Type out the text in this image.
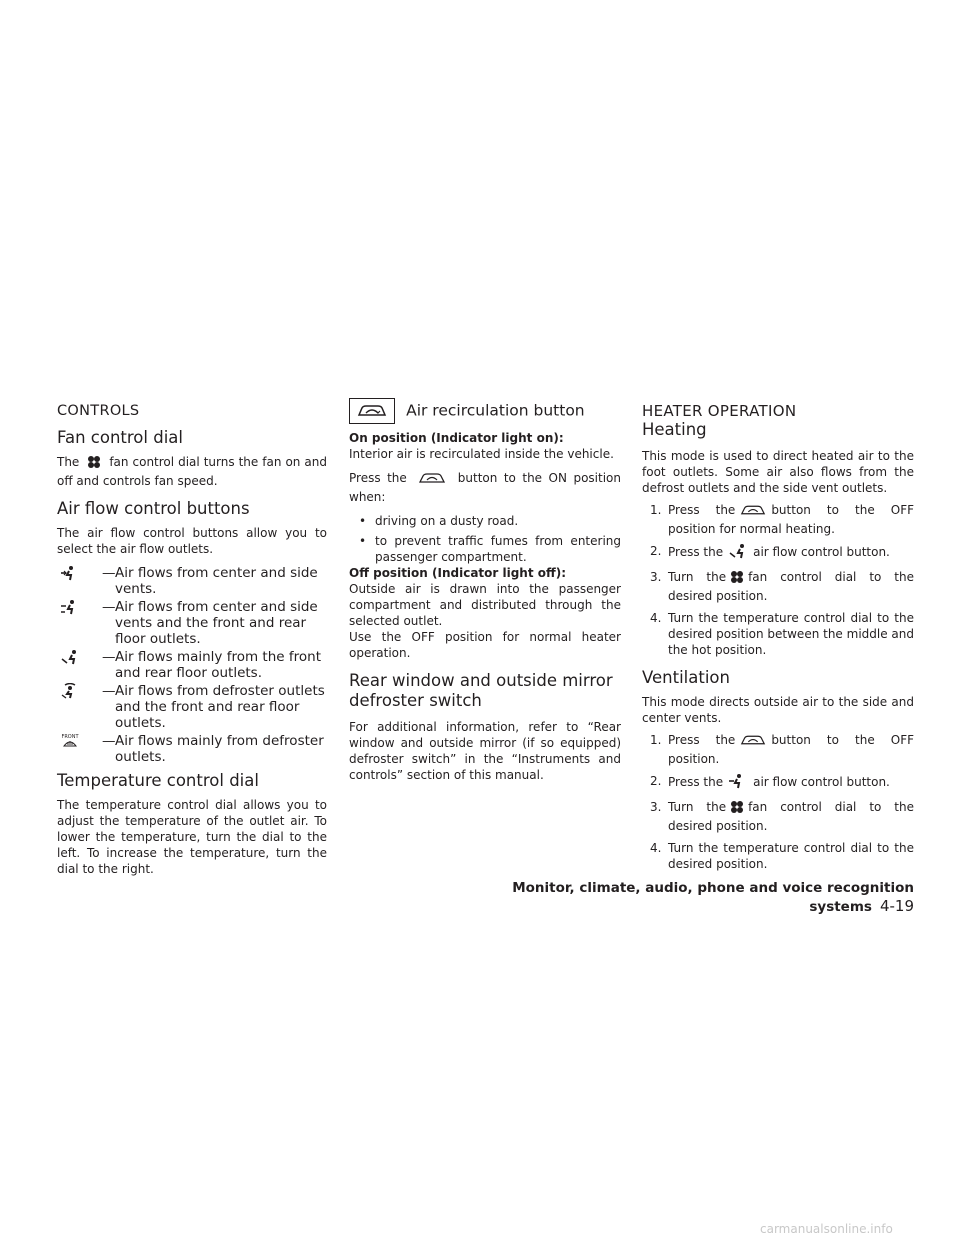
CONTROLS
Fan control dial

The	fan control dial turns the fan on and off and controls fan speed.

Air flow control buttons

The air flow control buttons allow you to select the air flow outlets.

— Air flows from center and side vents.
— Air flows from center and side vents and the front and rear floor outlets.
— Air flows mainly from the front and rear floor outlets.
— Air flows from defroster outlets and the front and rear floor outlets.
FRONT — Air flows mainly from defroster outlets.
Temperature control dial

The temperature control dial allows you to adjust the temperature of the outlet air. To lower the temperature, turn the dial to the left. To increase the temperature, turn the dial to the right.

Air recirculation button
On position (Indicator light on):

Interior air is recirculated inside the vehicle.

Press the	button to the ON position when:

• driving on a dusty road.
• to prevent traffic fumes from entering passenger compartment.
Off position (Indicator light off):

Outside air is drawn into the passenger compartment and distributed through the selected outlet.

Use the OFF position for normal heater operation.

Rear window and outside mirror defroster switch

For additional information, refer to “Rear window and outside mirror (if so equipped) defroster switch” in the “Instruments and controls” section of this manual.

HEATER OPERATION
Heating

This mode is used to direct heated air to the foot outlets. Some air also flows from the defrost outlets and the side vent outlets.

1. Press the	button to the OFF position for normal heating.
2. Press the	air flow control button.
3. Turn the fan control dial to the desired position.
4. Turn the temperature control dial to the desired position between the middle and the hot position.
Ventilation

This mode directs outside air to the side and center vents.

1. Press the	button to the OFF position.
2. Press the	air flow control button.
3. Turn the fan control dial to the desired position.
4. Turn the temperature control dial to the desired position.
Monitor, climate, audio, phone and voice recognition systems 4-19
carmanualsonline.info
